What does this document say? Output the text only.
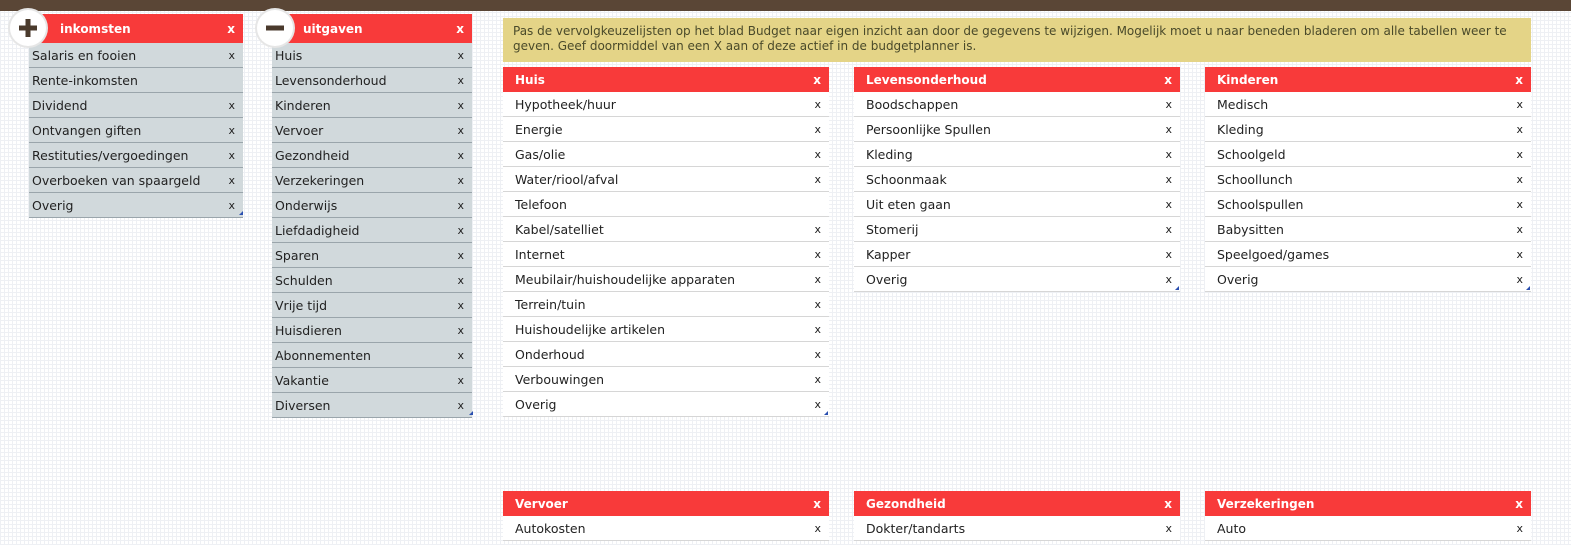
inkomsten	x
Salaris en fooien	x
Rente-inkomsten
Dividend	x
Ontvangen giften	x
Restituties/vergoedingen	x
Overboeken van spaargeld	x
Overig	x
uitgaven	x
Huis	x
Levensonderhoud	x
Kinderen	x
Vervoer	x
Gezondheid	x
Verzekeringen	x
Onderwijs	x
Liefdadigheid	x
Sparen	x
Schulden	x
Vrije tijd	x
Huisdieren	x
Abonnementen	x
Vakantie	x
Diversen	x
Pas de vervolgkeuzelijsten op het blad Budget naar eigen inzicht aan door de gegevens te wijzigen. Mogelijk moet u naar beneden bladeren om alle tabellen weer te geven. Geef doormiddel van een X aan of deze actief in de budgetplanner is.
Huis	x
Hypotheek/huur	x
Energie	x
Gas/olie	x
Water/riool/afval	x
Telefoon
Kabel/satelliet	x
Internet	x
Meubilair/huishoudelijke apparaten	x
Terrein/tuin	x
Huishoudelijke artikelen	x
Onderhoud	x
Verbouwingen	x
Overig	x
Levensonderhoud	x
Boodschappen	x
Persoonlijke Spullen	x
Kleding	x
Schoonmaak	x
Uit eten gaan	x
Stomerij	x
Kapper	x
Overig	x
Kinderen	x
Medisch	x
Kleding	x
Schoolgeld	x
Schoollunch	x
Schoolspullen	x
Babysitten	x
Speelgoed/games	x
Overig	x
Vervoer	x
Autokosten	x
Gezondheid	x
Dokter/tandarts	x
Verzekeringen	x
Auto	x
